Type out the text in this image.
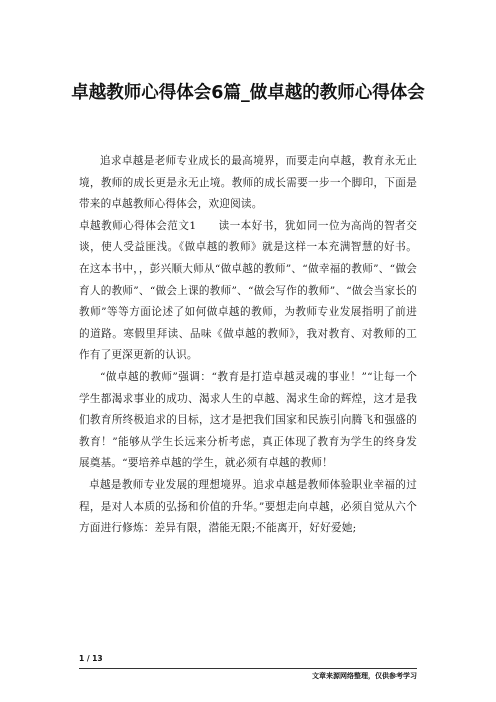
卓越教师心得体会6篇_做卓越的教师心得体会

追求卓越是老师专业成长的最高境界，而要走向卓越，教育永无止境，教师的成长更是永无止境。教师的成长需要一步一个脚印，下面是带来的卓越教师心得体会，欢迎阅读。

卓越教师心得体会范文1　　读一本好书，犹如同一位为高尚的智者交谈，使人受益匪浅。《做卓越的教师》就是这样一本充满智慧的好书。在这本书中，，彭兴顺大师从“做卓越的教师”、“做幸福的教师”、“做会育人的教师”、“做会上课的教师”、“做会写作的教师”、“做会当家长的教师”等等方面论述了如何做卓越的教师，为教师专业发展指明了前进的道路。寒假里拜读、品味《做卓越的教师》，我对教育、对教师的工作有了更深更新的认识。

“做卓越的教师”强调：“教育是打造卓越灵魂的事业！”“让每一个学生都渴求事业的成功、渴求人生的卓越、渴求生命的辉煌，这才是我们教育所终极追求的目标，这才是把我们国家和民族引向腾飞和强盛的教育！”能够从学生长远来分析考虑，真正体现了教育为学生的终身发展奠基。“要培养卓越的学生，就必须有卓越的教师！

卓越是教师专业发展的理想境界。追求卓越是教师体验职业幸福的过程，是对人本质的弘扬和价值的升华。”要想走向卓越，必须自觉从六个方面进行修炼：差异有限，潜能无限;不能离开，好好爱她;

1 / 13
文章来源网络整理，仅供参考学习
